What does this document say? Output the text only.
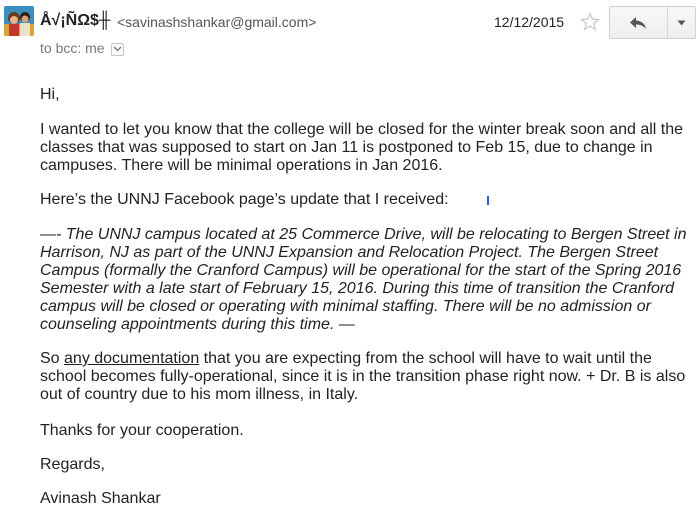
Å√¡ÑΩ$╫ <savinashshankar@gmail.com>
to bcc: me
12/12/2015

Hi,

I wanted to let you know that the college will be closed for the winter break soon and all the classes that was supposed to start on Jan 11 is postponed to Feb 15, due to change in campuses. There will be minimal operations in Jan 2016.

Here’s the UNNJ Facebook page’s update that I received:

—- The UNNJ campus located at 25 Commerce Drive, will be relocating to Bergen Street in Harrison, NJ as part of the UNNJ Expansion and Relocation Project. The Bergen Street Campus (formally the Cranford Campus) will be operational for the start of the Spring 2016 Semester with a late start of February 15, 2016. During this time of transition the Cranford campus will be closed or operating with minimal staffing. There will be no admission or counseling appointments during this time. —

So any documentation that you are expecting from the school will have to wait until the school becomes fully-operational, since it is in the transition phase right now. + Dr. B is also out of country due to his mom illness, in Italy.

Thanks for your cooperation.

Regards,

Avinash Shankar
